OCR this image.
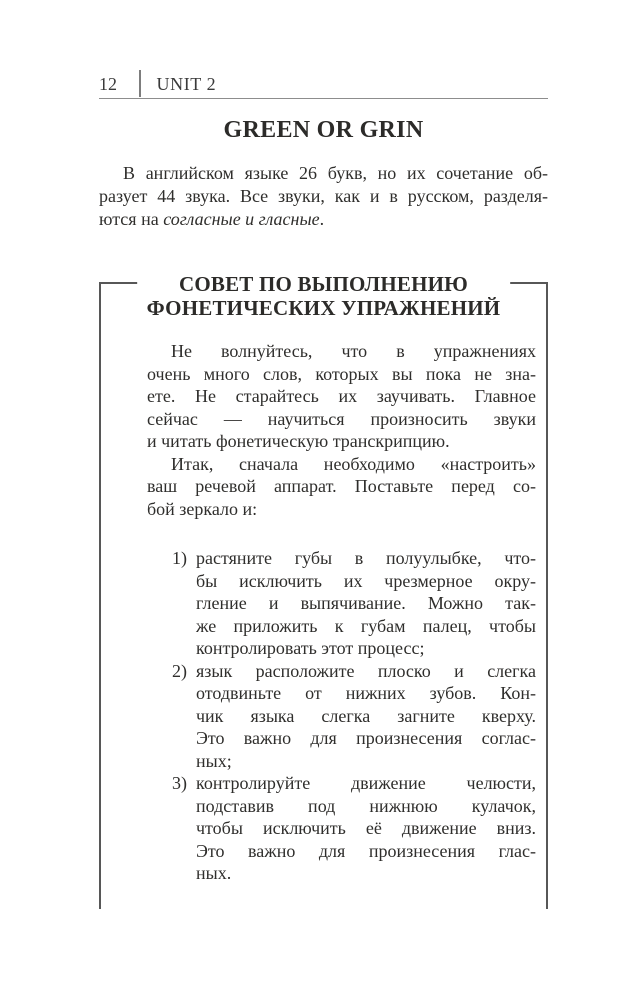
12	UNIT 2
GREEN OR GRIN
В английском языке 26 букв, но их сочетание об-
разует 44 звука. Все звуки, как и в русском, разделя-
ются на согласные и гласные.
СОВЕТ ПО ВЫПОЛНЕНИЮ
ФОНЕТИЧЕСКИХ УПРАЖНЕНИЙ
Не волнуйтесь, что в упражнениях
очень много слов, которых вы пока не зна-
ете. Не старайтесь их заучивать. Главное
сейчас — научиться произносить звуки
и читать фонетическую транскрипцию.
Итак, сначала необходимо «настроить»
ваш речевой аппарат. Поставьте перед со-
бой зеркало и:
1) растяните губы в полуулыбке, что-
бы исключить их чрезмерное окру-
гление и выпячивание. Можно так-
же приложить к губам палец, чтобы
контролировать этот процесс;
2) язык расположите плоско и слегка
отодвиньте от нижних зубов. Кон-
чик языка слегка загните кверху.
Это важно для произнесения соглас-
ных;
3) контролируйте движение челюсти,
подставив под нижнюю кулачок,
чтобы исключить её движение вниз.
Это важно для произнесения глас-
ных.
